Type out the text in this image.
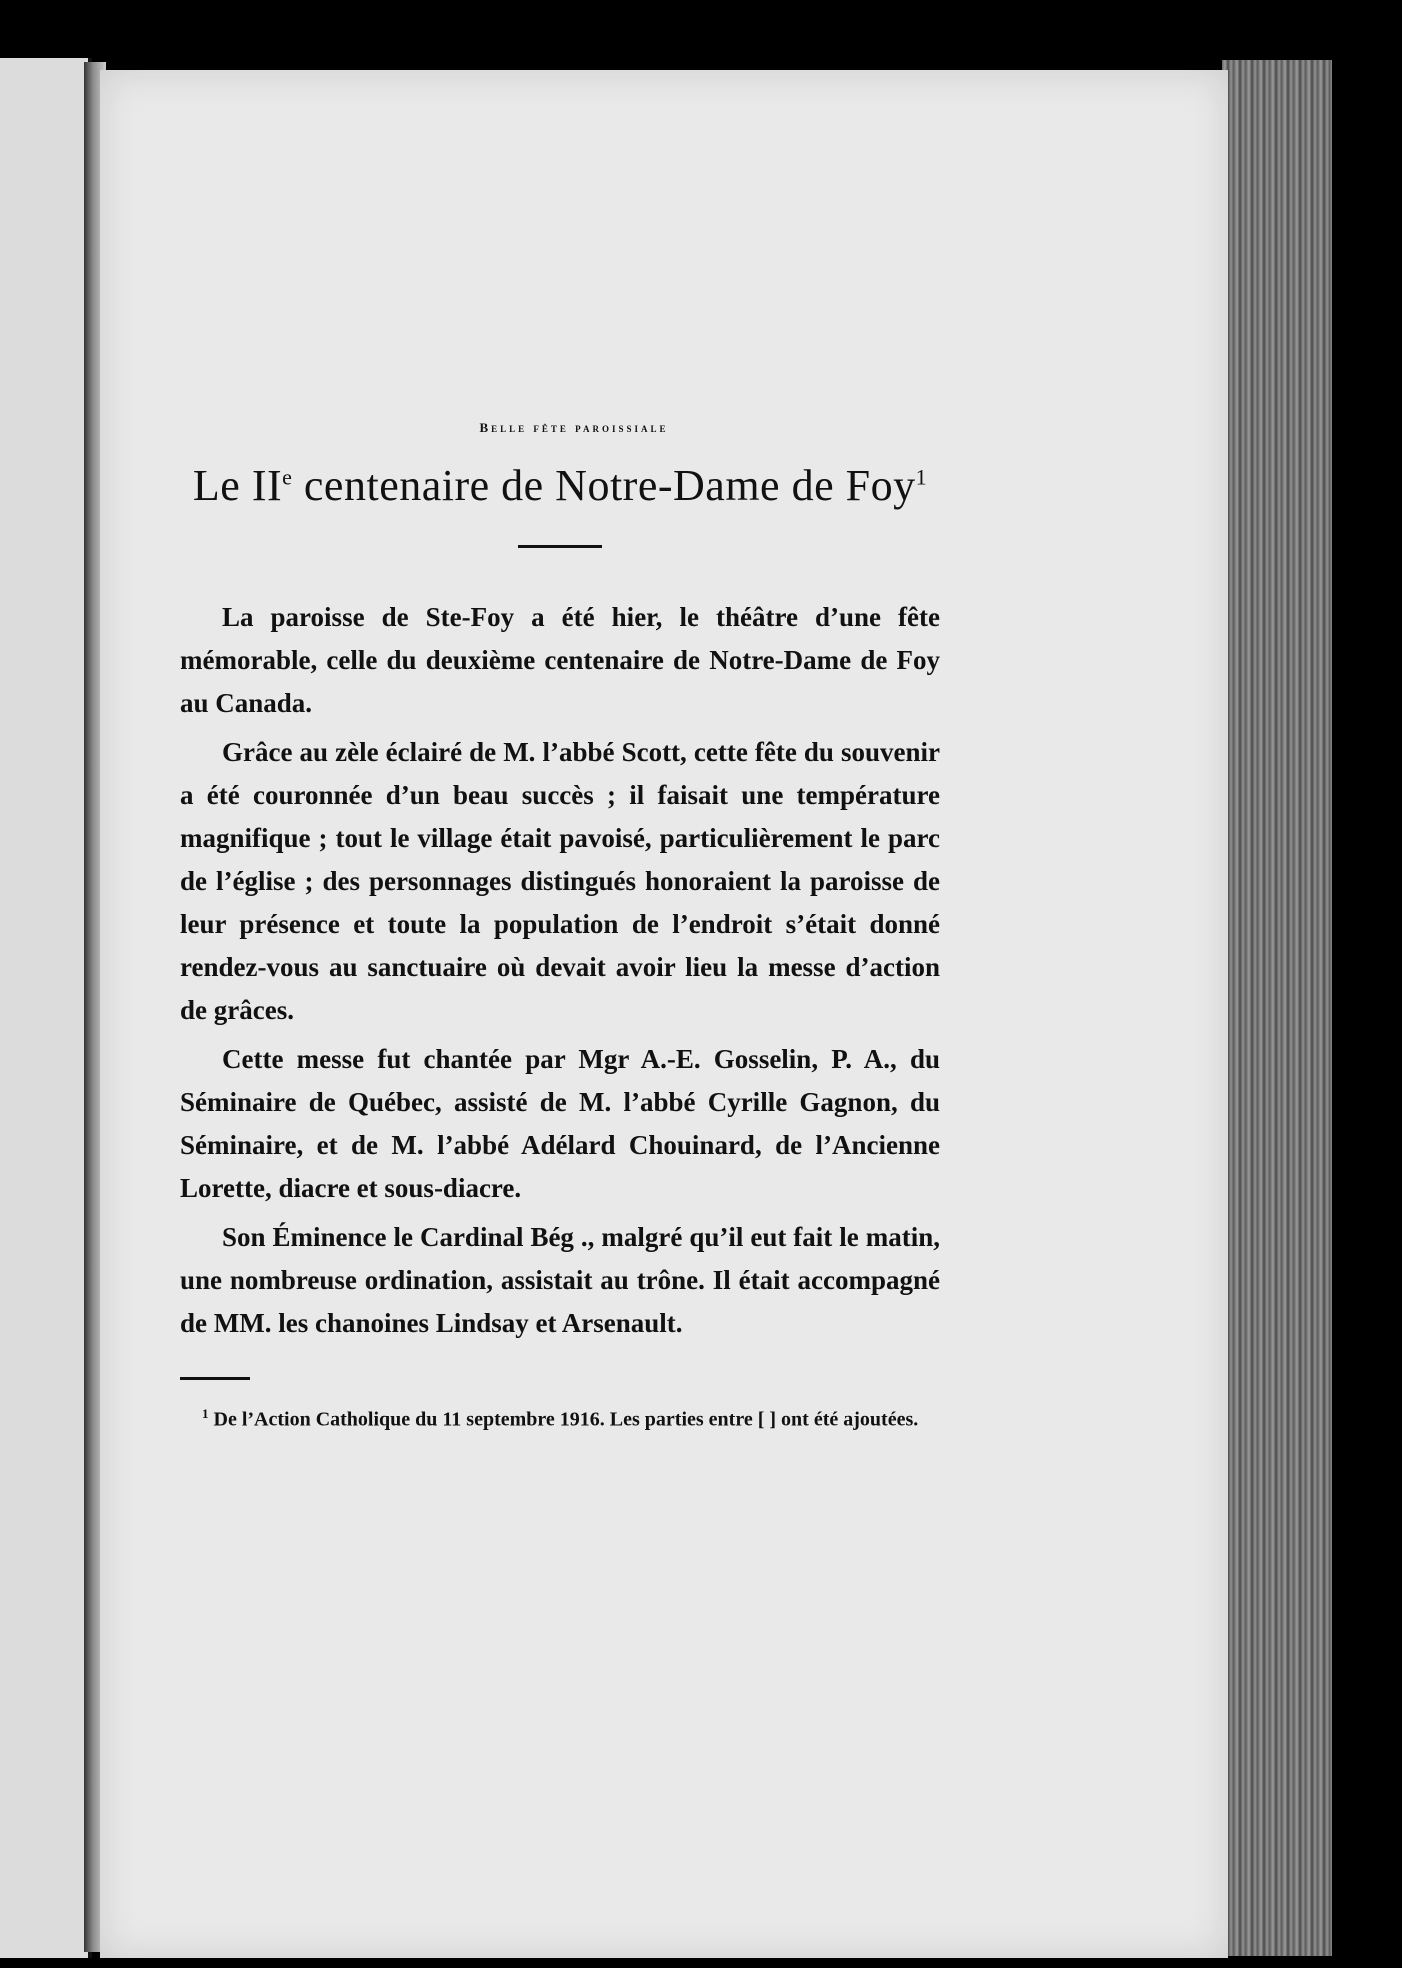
Belle fête paroissiale
Le IIe centenaire de Notre-Dame de Foy$^1$

La paroisse de Ste-Foy a été hier, le théâtre d’une fête mémorable, celle du deuxième centenaire de Notre-Dame de Foy au Canada.

Grâce au zèle éclairé de M. l’abbé Scott, cette fête du souvenir a été couronnée d’un beau succès ; il faisait une température magnifique ; tout le village était pavoisé, particulièrement le parc de l’église ; des personnages distingués honoraient la paroisse de leur présence et toute la population de l’endroit s’était donné rendez-vous au sanctuaire où devait avoir lieu la messe d’action de grâces.

Cette messe fut chantée par Mgr A.-E. Gosselin, P. A., du Séminaire de Québec, assisté de M. l’abbé Cyrille Gagnon, du Séminaire, et de M. l’abbé Adélard Chouinard, de l’Ancienne Lorette, diacre et sous-diacre.

Son Éminence le Cardinal Bég ., malgré qu’il eut fait le matin, une nombreuse ordination, assistait au trône. Il était accompagné de MM. les chanoines Lindsay et Arsenault.

$^1$ De l’Action Catholique du 11 septembre 1916. Les parties entre [ ] ont été ajoutées.
